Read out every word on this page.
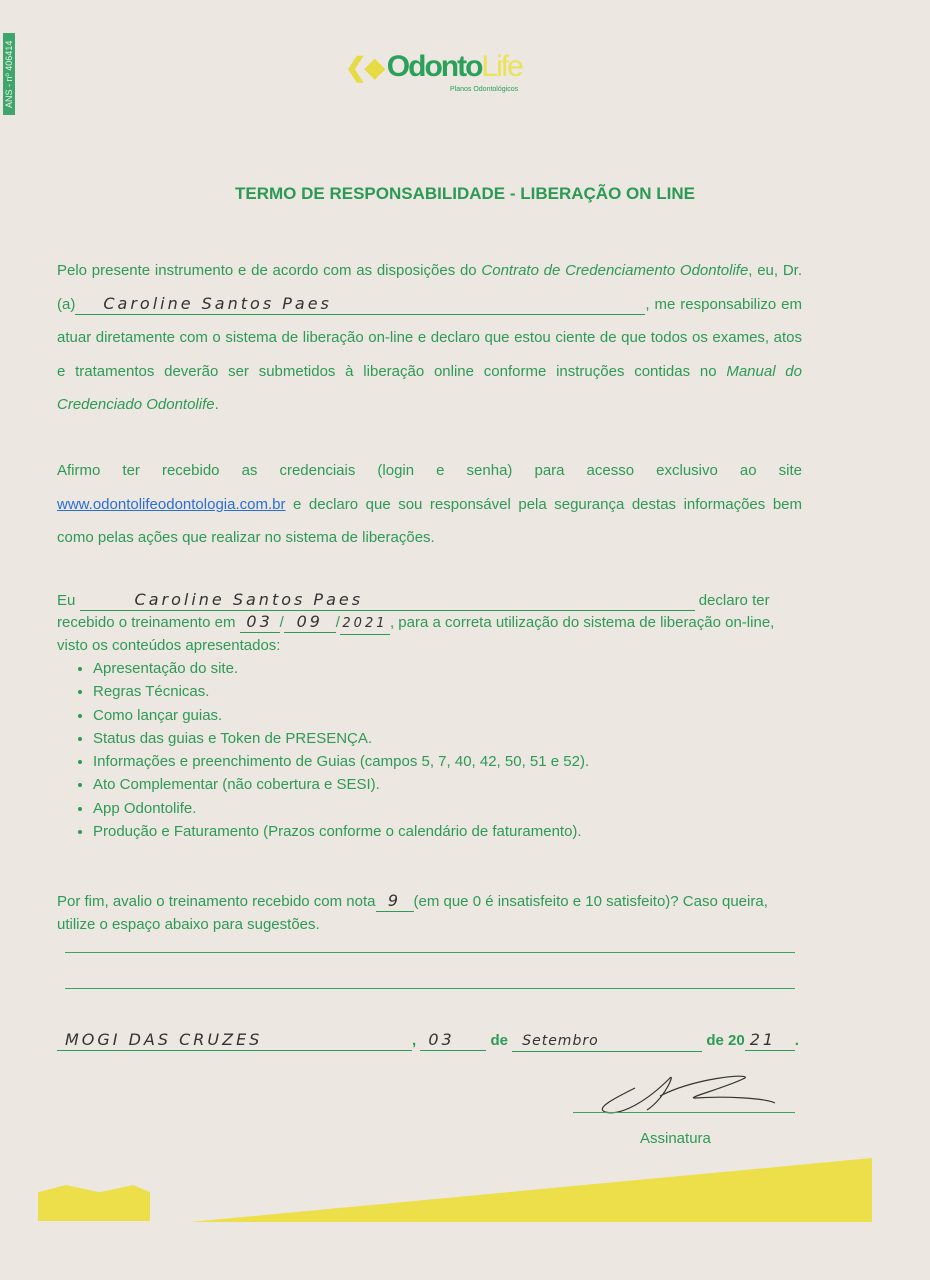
ANS - nº 406414	❮◆ OdontoLife
Planos Odontológicos
TERMO DE RESPONSABILIDADE - LIBERAÇÃO ON LINE
Pelo presente instrumento e de acordo com as disposições do Contrato de Credenciamento Odontolife, eu, Dr.(a) Caroline Santos Paes	, me responsabilizo em atuar diretamente com o sistema de liberação on-line e declaro que estou ciente de que todos os exames, atos e tratamentos deverão ser submetidos à liberação online conforme instruções contidas no Manual do Credenciado Odontolife.
Afirmo ter recebido as credenciais (login e senha) para acesso exclusivo ao site www.odontolifeodontologia.com.br e declaro que sou responsável pela segurança destas informações bem como pelas ações que realizar no sistema de liberações.
Eu	Caroline Santos Paes	declaro ter
recebido o treinamento em 03 / 09 / 2021 , para a correta utilização do sistema de liberação on-line, visto os conteúdos apresentados:
• Apresentação do site.
• Regras Técnicas.
• Como lançar guias.
• Status das guias e Token de PRESENÇA.
• Informações e preenchimento de Guias (campos 5, 7, 40, 42, 50, 51 e 52).
• Ato Complementar (não cobertura e SESI).
• App Odontolife.
• Produção e Faturamento (Prazos conforme o calendário de faturamento).
Por fim, avalio o treinamento recebido com nota 9 (em que 0 é insatisfeito e 10 satisfeito)? Caso queira, utilize o espaço abaixo para sugestões.
MOGI DAS CRUZES	, 03 de Setembro	de 20 21 .
Assinatura
